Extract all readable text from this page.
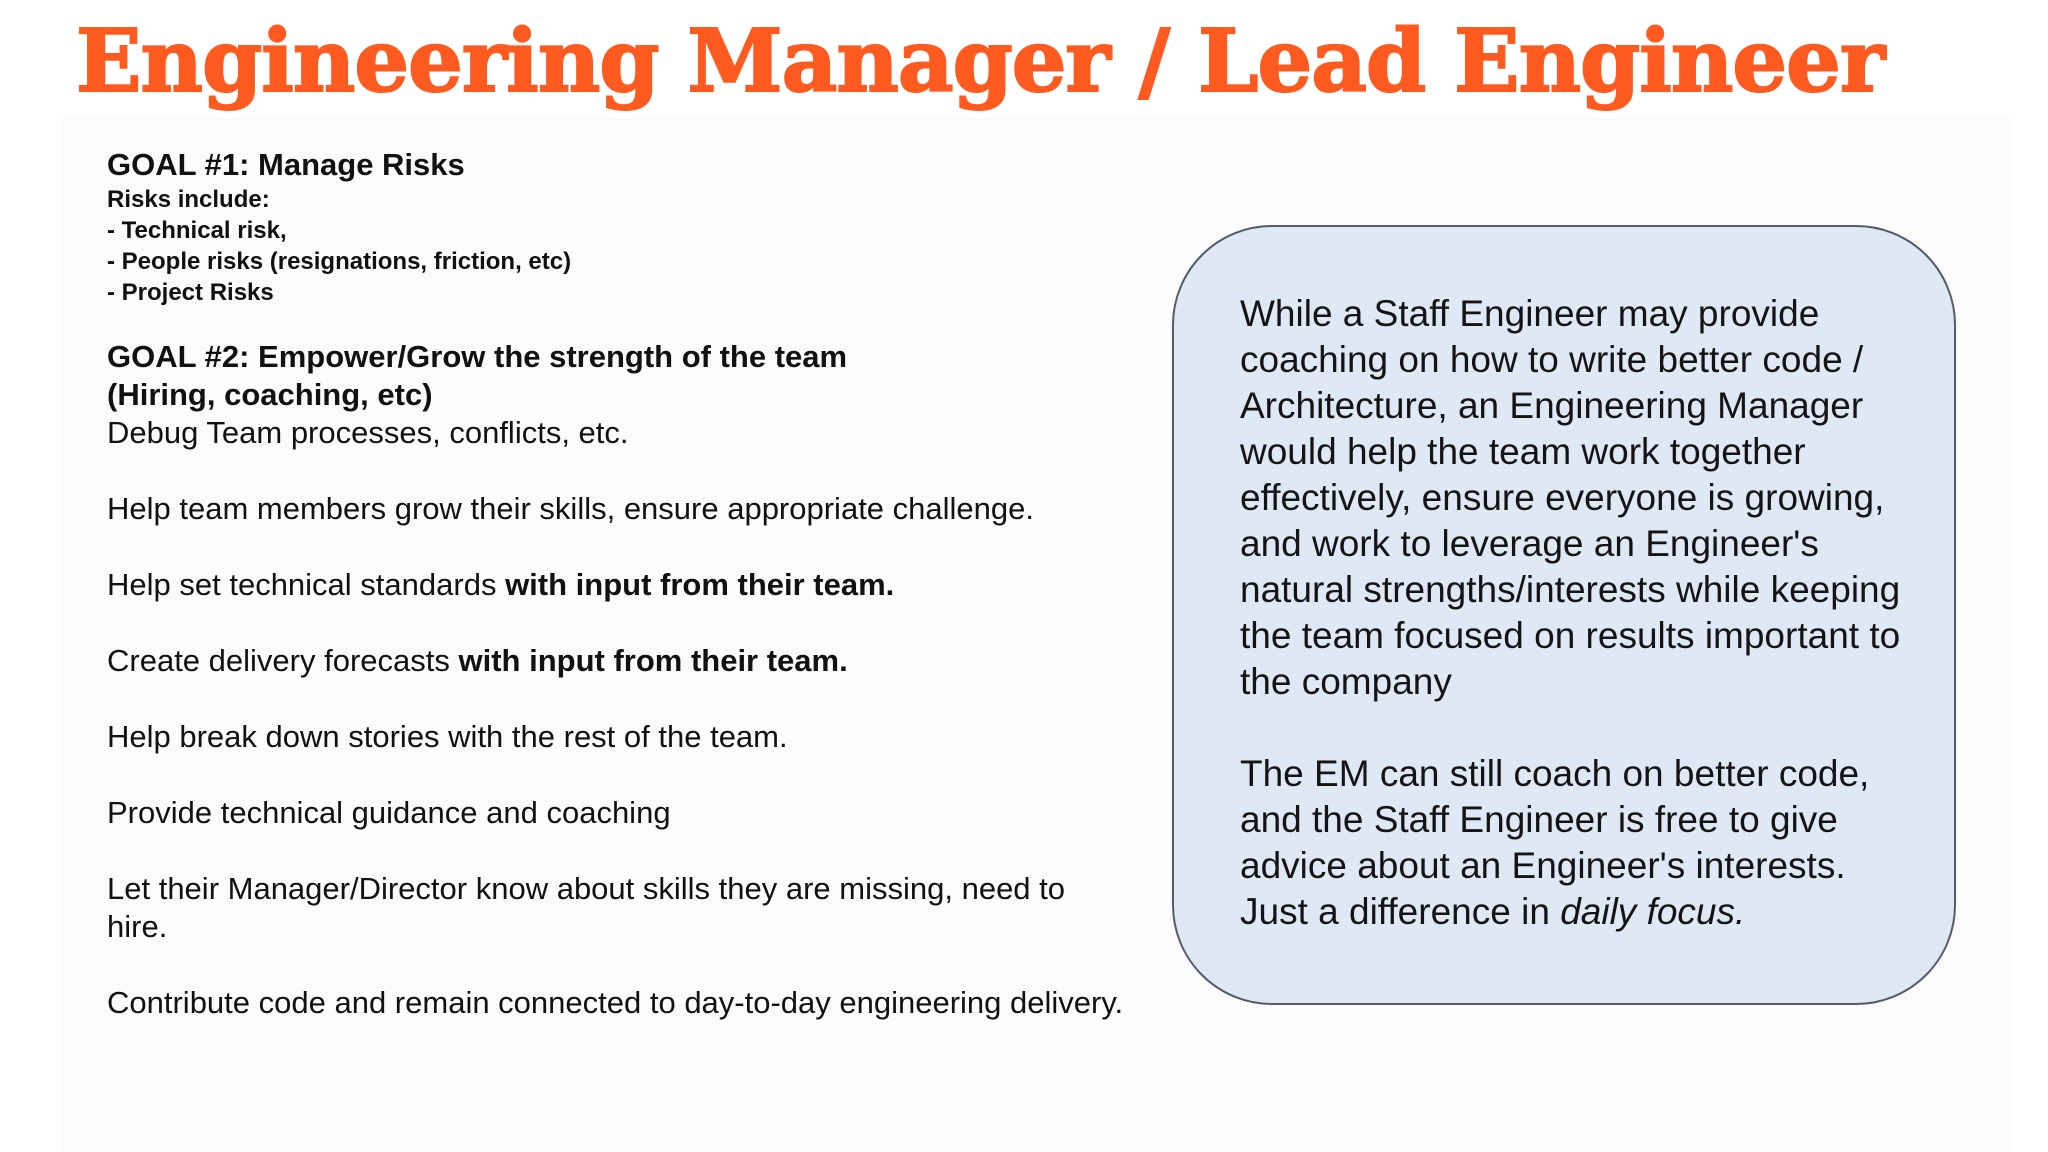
Engineering Manager / Lead Engineer

GOAL #1: Manage Risks

Risks include:

- Technical risk,

- People risks (resignations, friction, etc)

- Project Risks

GOAL #2: Empower/Grow the strength of the team
(Hiring, coaching, etc)

Debug Team processes, conflicts, etc.

Help team members grow their skills, ensure appropriate challenge.

Help set technical standards with input from their team.

Create delivery forecasts with input from their team.

Help break down stories with the rest of the team.

Provide technical guidance and coaching

Let their Manager/Director know about skills they are missing, need to hire.

Contribute code and remain connected to day-to-day engineering delivery.

While a Staff Engineer may provide coaching on how to write better code / Architecture, an Engineering Manager would help the team work together effectively, ensure everyone is growing, and work to leverage an Engineer's natural strengths/interests while keeping the team focused on results important to the company

The EM can still coach on better code, and the Staff Engineer is free to give advice about an Engineer's interests. Just a difference in daily focus.
